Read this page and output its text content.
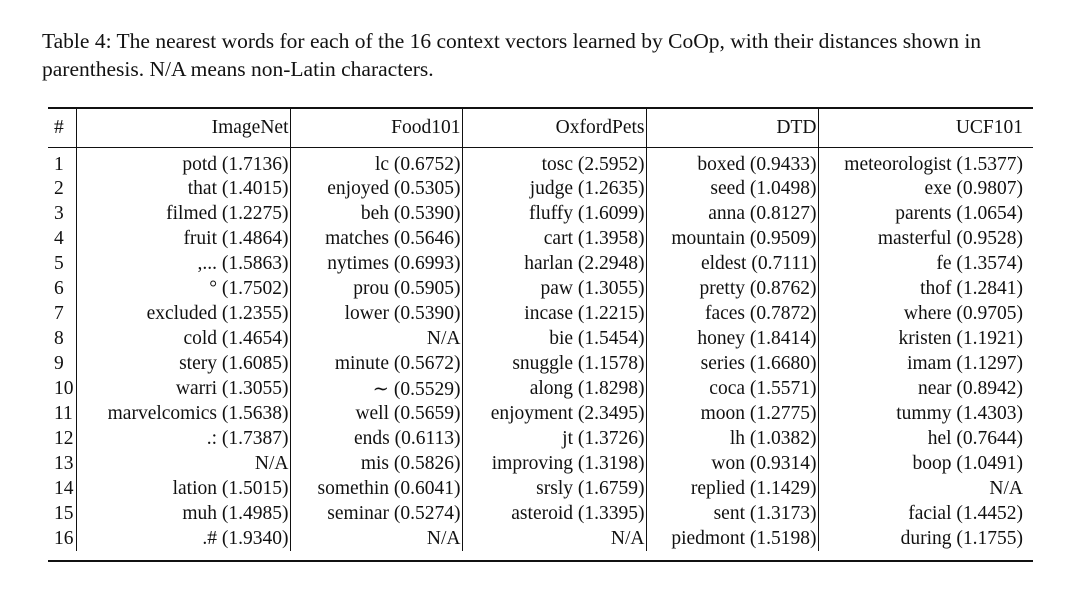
Table 4: The nearest words for each of the 16 context vectors learned by CoOp, with their distances shown in parenthesis. N/A means non-Latin characters.
#	ImageNet	Food101	OxfordPets	DTD	UCF101
1	potd (1.7136)	lc (0.6752)	tosc (2.5952)	boxed (0.9433)	meteorologist (1.5377)
2	that (1.4015)	enjoyed (0.5305)	judge (1.2635)	seed (1.0498)	exe (0.9807)
3	filmed (1.2275)	beh (0.5390)	fluffy (1.6099)	anna (0.8127)	parents (1.0654)
4	fruit (1.4864)	matches (0.5646)	cart (1.3958)	mountain (0.9509)	masterful (0.9528)
5	,... (1.5863)	nytimes (0.6993)	harlan (2.2948)	eldest (0.7111)	fe (1.3574)
6	° (1.7502)	prou (0.5905)	paw (1.3055)	pretty (0.8762)	thof (1.2841)
7	excluded (1.2355)	lower (0.5390)	incase (1.2215)	faces (0.7872)	where (0.9705)
8	cold (1.4654)	N/A	bie (1.5454)	honey (1.8414)	kristen (1.1921)
9	stery (1.6085)	minute (0.5672)	snuggle (1.1578)	series (1.6680)	imam (1.1297)
10	warri (1.3055)	∼ (0.5529)	along (1.8298)	coca (1.5571)	near (0.8942)
11	marvelcomics (1.5638)	well (0.5659)	enjoyment (2.3495)	moon (1.2775)	tummy (1.4303)
12	.: (1.7387)	ends (0.6113)	jt (1.3726)	lh (1.0382)	hel (0.7644)
13	N/A	mis (0.5826)	improving (1.3198)	won (0.9314)	boop (1.0491)
14	lation (1.5015)	somethin (0.6041)	srsly (1.6759)	replied (1.1429)	N/A
15	muh (1.4985)	seminar (0.5274)	asteroid (1.3395)	sent (1.3173)	facial (1.4452)
16	.# (1.9340)	N/A	N/A	piedmont (1.5198)	during (1.1755)
